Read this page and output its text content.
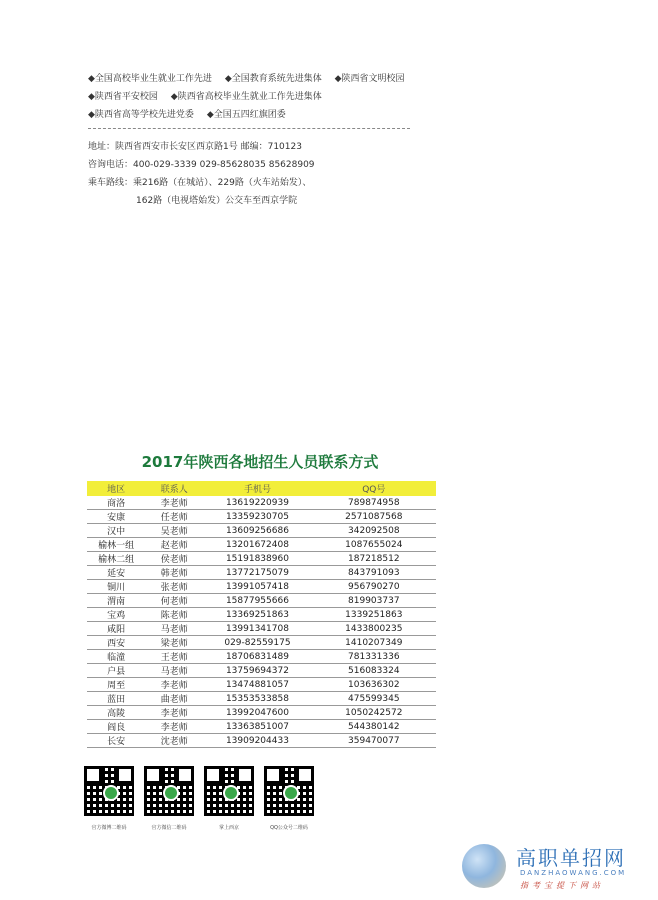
◆全国高校毕业生就业工作先进 ◆全国教育系统先进集体 ◆陕西省文明校园
◆陕西省平安校园 ◆陕西省高校毕业生就业工作先进集体
◆陕西省高等学校先进党委 ◆全国五四红旗团委
地址：陕西省西安市长安区西京路1号 邮编：710123
咨询电话：400-029-3339 029-85628035 85628909
乘车路线：乘216路（在城站）、229路（火车站始发）、
162路（电视塔始发）公交车至西京学院
2017年陕西各地招生人员联系方式
地区	联系人	手机号	QQ号
商洛	李老师	13619220939	789874958
安康	任老师	13359230705	2571087568
汉中	吴老师	13609256686	342092508
榆林一组	赵老师	13201672408	1087655024
榆林二组	侯老师	15191838960	187218512
延安	韩老师	13772175079	843791093
铜川	张老师	13991057418	956790270
渭南	何老师	15877955666	819903737
宝鸡	陈老师	13369251863	1339251863
咸阳	马老师	13991341708	1433800235
西安	梁老师	029-82559175	1410207349
临潼	王老师	18706831489	781331336
户县	马老师	13759694372	516083324
周至	李老师	13474881057	103636302
蓝田	曲老师	15353533858	475599345
高陵	李老师	13992047600	1050242572
阎良	李老师	13363851007	544380142
长安	沈老师	13909204433	359470077
官方微博二维码	官方微信二维码	掌上西京	QQ公众号二维码
高职单招网
DANZHAOWANG.COM
指考宝提下网站
